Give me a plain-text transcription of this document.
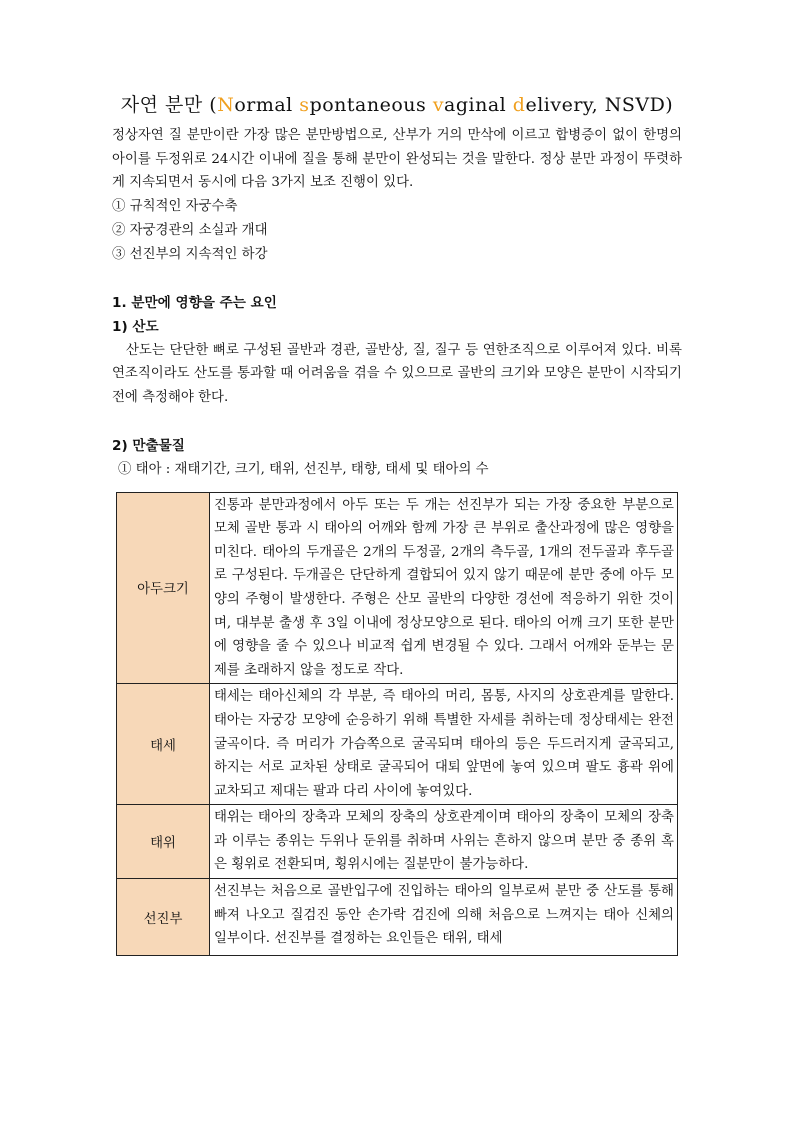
자연 분만 (Normal spontaneous vaginal delivery, NSVD)

정상자연 질 분만이란 가장 많은 분만방법으로, 산부가 거의 만삭에 이르고 합병증이 없이 한명의 아이를 두정위로 24시간 이내에 질을 통해 분만이 완성되는 것을 말한다. 정상 분만 과정이 뚜렷하게 지속되면서 동시에 다음 3가지 보조 진행이 있다.

① 규칙적인 자궁수축

② 자궁경관의 소실과 개대

③ 선진부의 지속적인 하강

1. 분만에 영향을 주는 요인

1) 산도

산도는 단단한 뼈로 구성된 골반과 경관, 골반상, 질, 질구 등 연한조직으로 이루어져 있다. 비록 연조직이라도 산도를 통과할 때 어려움을 겪을 수 있으므로 골반의 크기와 모양은 분만이 시작되기 전에 측정해야 한다.

2) 만출물질

① 태아 : 재태기간, 크기, 태위, 선진부, 태향, 태세 및 태아의 수

아두크기	진통과 분만과정에서 아두 또는 두 개는 선진부가 되는 가장 중요한 부분으로 모체 골반 통과 시 태아의 어깨와 함께 가장 큰 부위로 출산과정에 많은 영향을 미친다. 태아의 두개골은 2개의 두정골, 2개의 측두골, 1개의 전두골과 후두골로 구성된다. 두개골은 단단하게 결합되어 있지 않기 때문에 분만 중에 아두 모양의 주형이 발생한다. 주형은 산모 골반의 다양한 경선에 적응하기 위한 것이며, 대부분 출생 후 3일 이내에 정상모양으로 된다. 태아의 어깨 크기 또한 분만에 영향을 줄 수 있으나 비교적 쉽게 변경될 수 있다. 그래서 어깨와 둔부는 문제를 초래하지 않을 정도로 작다.
태세	태세는 태아신체의 각 부분, 즉 태아의 머리, 몸통, 사지의 상호관계를 말한다. 태아는 자궁강 모양에 순응하기 위해 특별한 자세를 취하는데 정상태세는 완전굴곡이다. 즉 머리가 가슴쪽으로 굴곡되며 태아의 등은 두드러지게 굴곡되고, 하지는 서로 교차된 상태로 굴곡되어 대퇴 앞면에 놓여 있으며 팔도 흉곽 위에 교차되고 제대는 팔과 다리 사이에 놓여있다.
태위	태위는 태아의 장축과 모체의 장축의 상호관계이며 태아의 장축이 모체의 장축과 이루는 종위는 두위나 둔위를 취하며 사위는 흔하지 않으며 분만 중 종위 혹은 횡위로 전환되며, 횡위시에는 질분만이 불가능하다.
선진부	선진부는 처음으로 골반입구에 진입하는 태아의 일부로써 분만 중 산도를 통해 빠져 나오고 질검진 동안 손가락 검진에 의해 처음으로 느껴지는 태아 신체의 일부이다. 선진부를 결정하는 요인들은 태위, 태세
